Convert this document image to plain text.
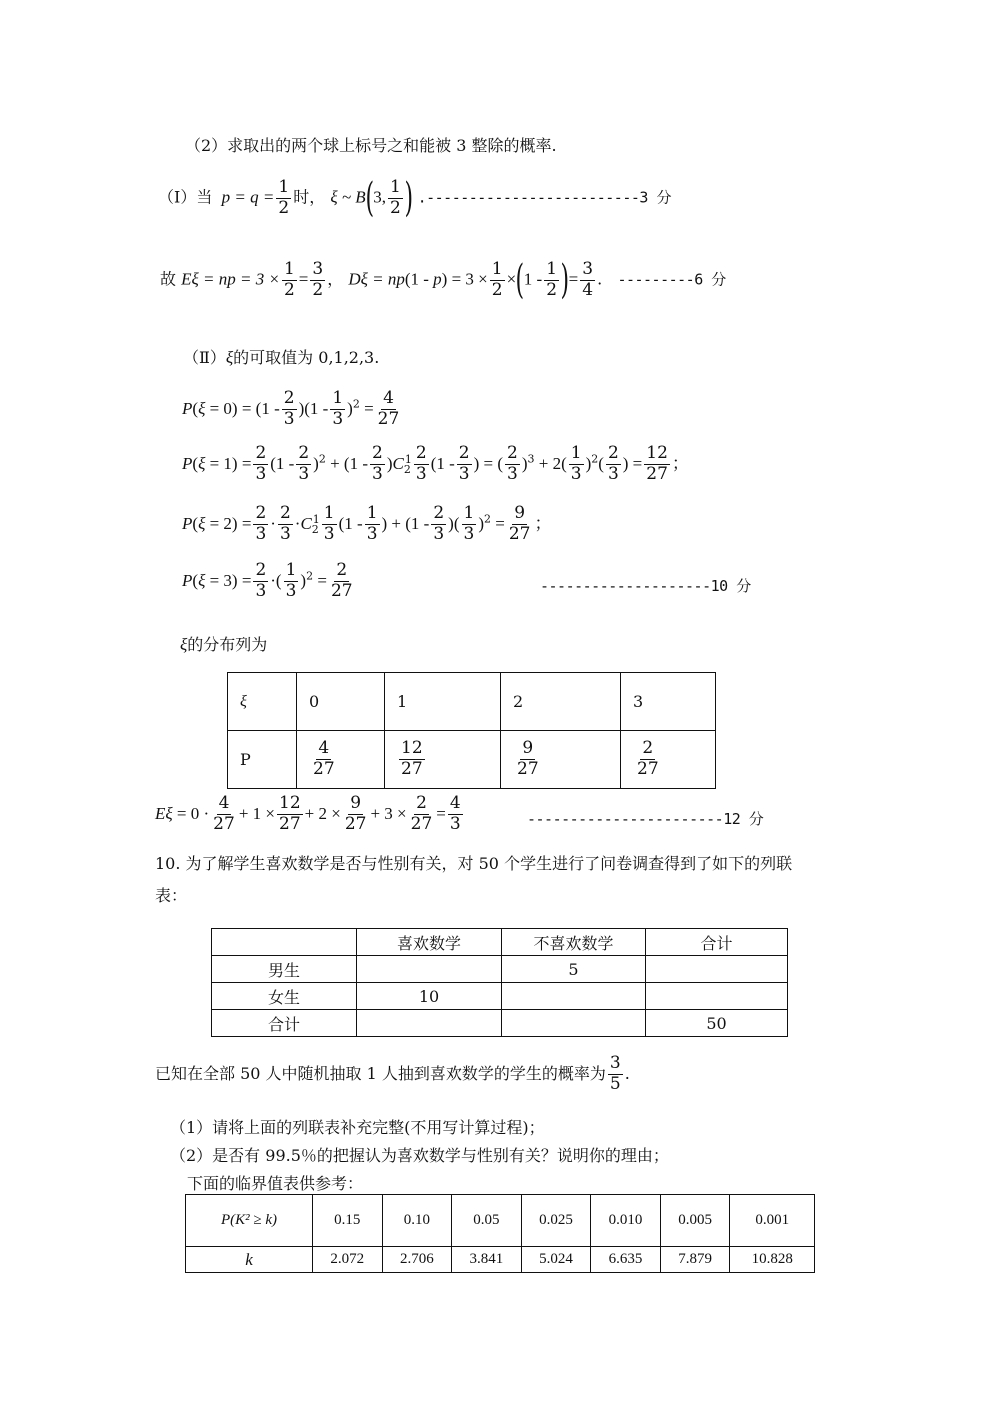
（2）求取出的两个球上标号之和能被 3 整除的概率.
（Ⅰ）当  $p = q = \frac{1}{2}$ 时， ξ ~ B(3, $\frac{1}{2}$ ) .-------------------------3 分
故 Eξ = np = $3 \times \frac{1}{2} = \frac{3}{2}$ ， $D\xi = np(1 - p) = 3 \times \frac{1}{2} \times(1 - \frac{1}{2}$ )= $\frac{3}{4}$ . ---------6 分
（Ⅱ）ξ的可取值为 0,1,2,3.
$P(\xi = 0) = (1 - \frac{2}{3} )(1 - \frac{1}{3} )^2 = \frac{4}{27}$
$P(\xi = 1) = \frac{2}{3} (1 - \frac{2}{3} )^2 + (1 - \frac{2}{3} )C_2^1 \frac{2}{3} (1 - \frac{2}{3}$ ) = ( $\frac{2}{3} )^3 + 2( \frac{1}{3} )^2( \frac{2}{3}$ ) = $\frac{12}{27}$ ；
$P(\xi = 2) = \frac{2}{3} \cdot \frac{2}{3} \cdot C_2^1 \frac{1}{3} (1 - \frac{1}{3}$ ) + ($1 - \frac{2}{3}$ )( $\frac{1}{3} )^2 = \frac{9}{27}$ ；
$P(\xi = 3) = \frac{2}{3}$ ·( $\frac{1}{3} )^2 = \frac{2}{27}$	--------------------10 分
ξ的分布列为
ξ	0	1	2	3
P	$\frac{4}{27}$	$\frac{12}{27}$	$\frac{9}{27}$	$\frac{2}{27}$
$E\xi = 0 \cdot \frac{4}{27} + 1 \times \frac{12}{27} + 2 \times \frac{9}{27} + 3 \times \frac{2}{27} = \frac{4}{3}$	-----------------------12 分
10. 为了解学生喜欢数学是否与性别有关，对 50 个学生进行了问卷调查得到了如下的列联
表：
	喜欢数学	不喜欢数学	合计
男生		5	
女生	10		
合计			50
已知在全部 50 人中随机抽取 1 人抽到喜欢数学的学生的概率为 $\frac{3}{5}$ .
（1）请将上面的列联表补充完整(不用写计算过程)；
（2）是否有 99.5％的把握认为喜欢数学与性别有关？说明你的理由；
下面的临界值表供参考：
P(K² ≥ k)	0.15	0.10	0.05	0.025	0.010	0.005	0.001
k	2.072	2.706	3.841	5.024	6.635	7.879	10.828
